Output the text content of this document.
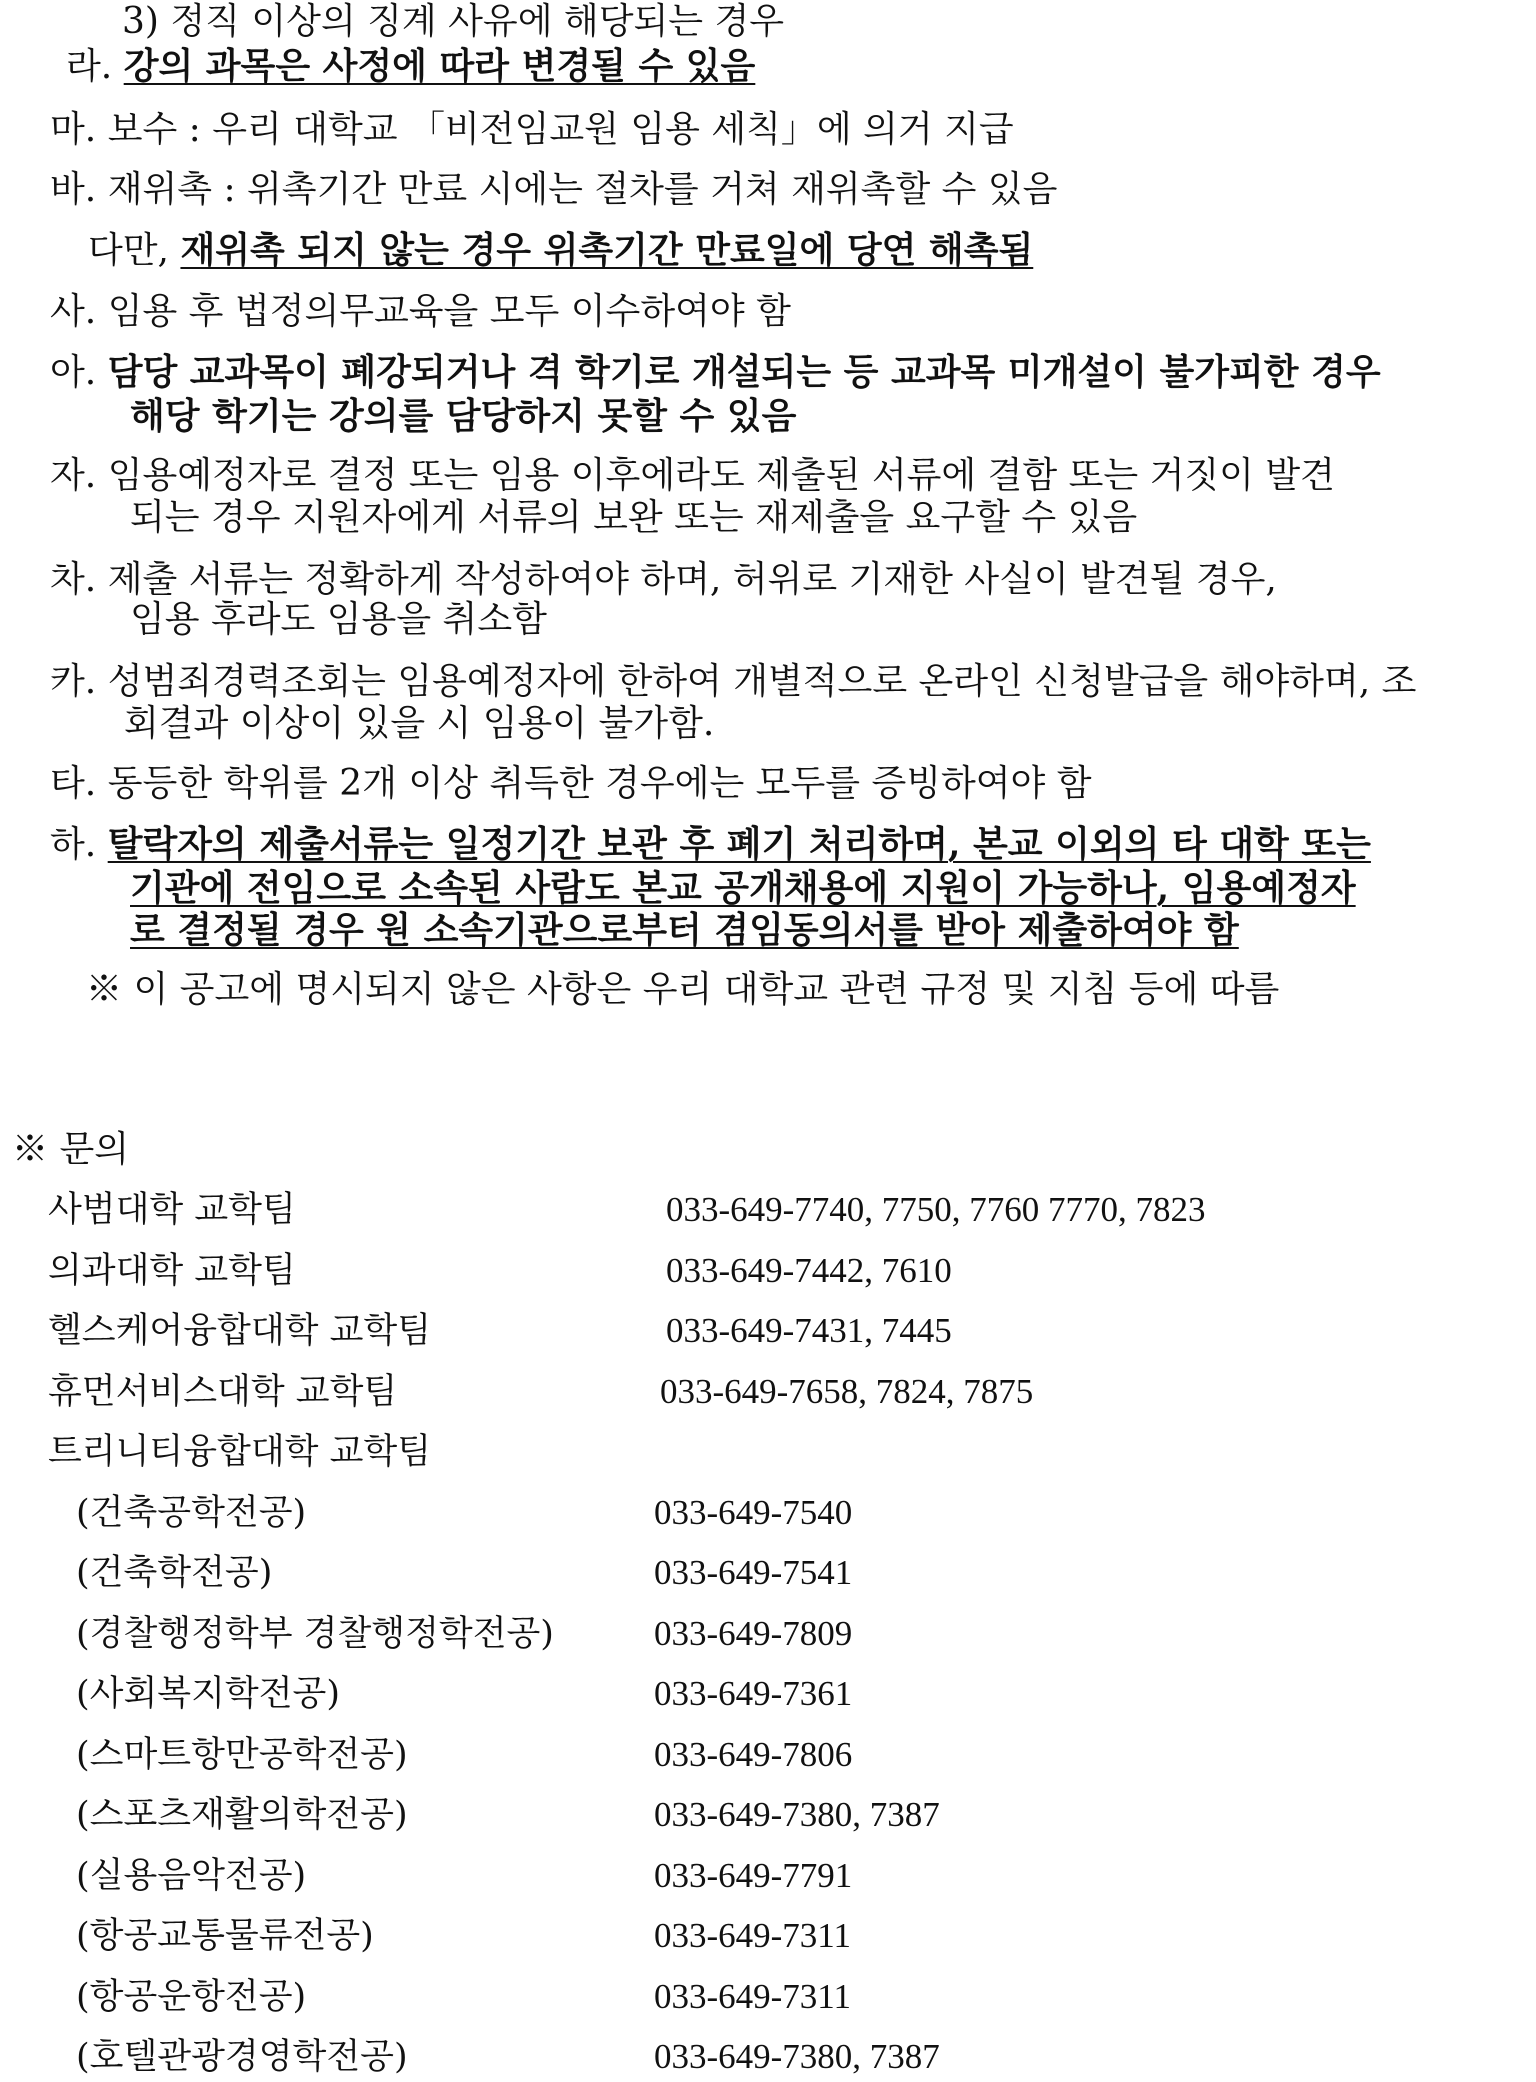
3) 정직 이상의 징계 사유에 해당되는 경우
라. 강의 과목은 사정에 따라 변경될 수 있음
마. 보수 : 우리 대학교 「비전임교원 임용 세칙」에 의거 지급
바. 재위촉 : 위촉기간 만료 시에는 절차를 거쳐 재위촉할 수 있음
다만, 재위촉 되지 않는 경우 위촉기간 만료일에 당연 해촉됨
사. 임용 후 법정의무교육을 모두 이수하여야 함
아. 담당 교과목이 폐강되거나 격 학기로 개설되는 등 교과목 미개설이 불가피한 경우
해당 학기는 강의를 담당하지 못할 수 있음
자. 임용예정자로 결정 또는 임용 이후에라도 제출된 서류에 결함 또는 거짓이 발견
되는 경우 지원자에게 서류의 보완 또는 재제출을 요구할 수 있음
차. 제출 서류는 정확하게 작성하여야 하며, 허위로 기재한 사실이 발견될 경우,
임용 후라도 임용을 취소함
카. 성범죄경력조회는 임용예정자에 한하여 개별적으로 온라인 신청발급을 해야하며, 조
회결과 이상이 있을 시 임용이 불가함.
타. 동등한 학위를 2개 이상 취득한 경우에는 모두를 증빙하여야 함
하. 탈락자의 제출서류는 일정기간 보관 후 폐기 처리하며, 본교 이외의 타 대학 또는
기관에 전임으로 소속된 사람도 본교 공개채용에 지원이 가능하나, 임용예정자
로 결정될 경우 원 소속기관으로부터 겸임동의서를 받아 제출하여야 함
※ 이 공고에 명시되지 않은 사항은 우리 대학교 관련 규정 및 지침 등에 따름
※ 문의
사범대학 교학팀	033-649-7740, 7750, 7760 7770, 7823
의과대학 교학팀	033-649-7442, 7610
헬스케어융합대학 교학팀	033-649-7431, 7445
휴먼서비스대학 교학팀	033-649-7658, 7824, 7875
트리니티융합대학 교학팀
(건축공학전공)	033-649-7540
(건축학전공)	033-649-7541
(경찰행정학부 경찰행정학전공)	033-649-7809
(사회복지학전공)	033-649-7361
(스마트항만공학전공)	033-649-7806
(스포츠재활의학전공)	033-649-7380, 7387
(실용음악전공)	033-649-7791
(항공교통물류전공)	033-649-7311
(항공운항전공)	033-649-7311
(호텔관광경영학전공)	033-649-7380, 7387
